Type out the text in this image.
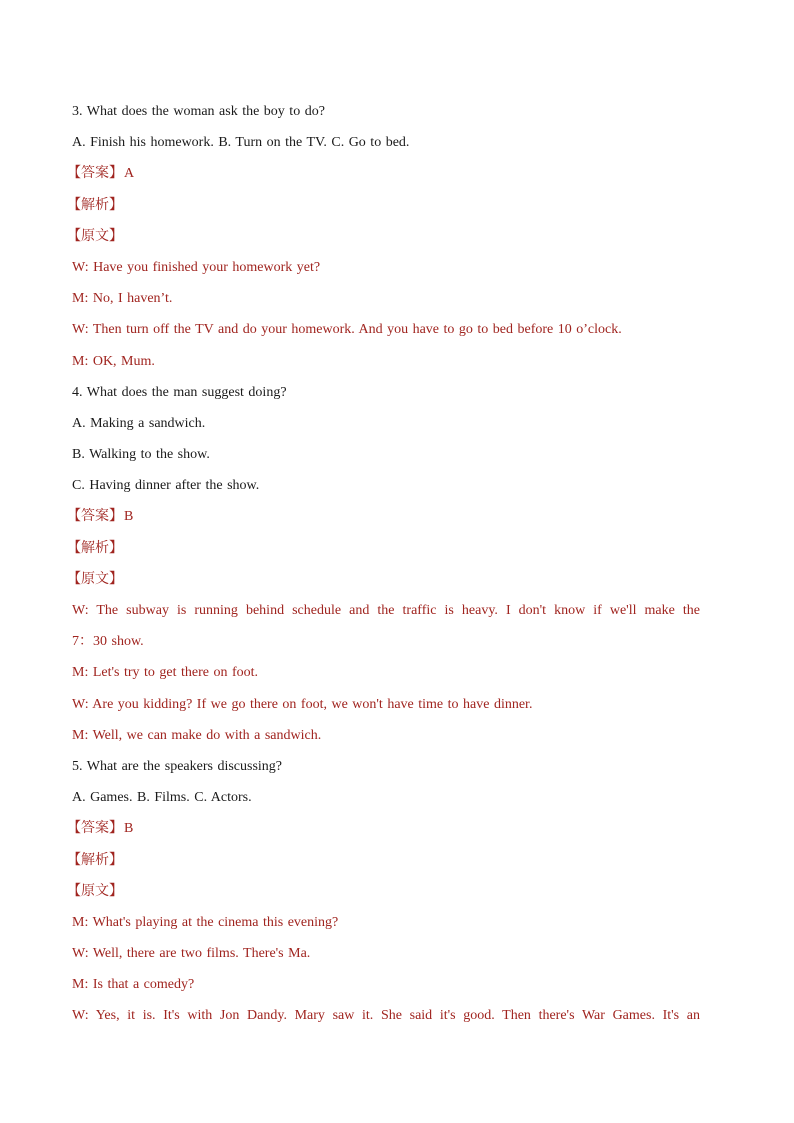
3. What does the woman ask the boy to do?
A. Finish his homework. B. Turn on the TV. C. Go to bed.
【答案】A
【解析】
【原文】
W: Have you finished your homework yet?
M: No, I haven’t.
W: Then turn off the TV and do your homework. And you have to go to bed before 10 o’clock.
M: OK, Mum.
4. What does the man suggest doing?
A. Making a sandwich.
B. Walking to the show.
C. Having dinner after the show.
【答案】B
【解析】
【原文】
W: The subway is running behind schedule and the traffic is heavy. I don't know if we'll make the
7：30 show.
M: Let's try to get there on foot.
W: Are you kidding? If we go there on foot, we won't have time to have dinner.
M: Well, we can make do with a sandwich.
5. What are the speakers discussing?
A. Games. B. Films. C. Actors.
【答案】B
【解析】
【原文】
M: What's playing at the cinema this evening?
W: Well, there are two films. There's Ma.
M: Is that a comedy?
W: Yes, it is. It's with Jon Dandy. Mary saw it. She said it's good. Then there's War Games. It's an
